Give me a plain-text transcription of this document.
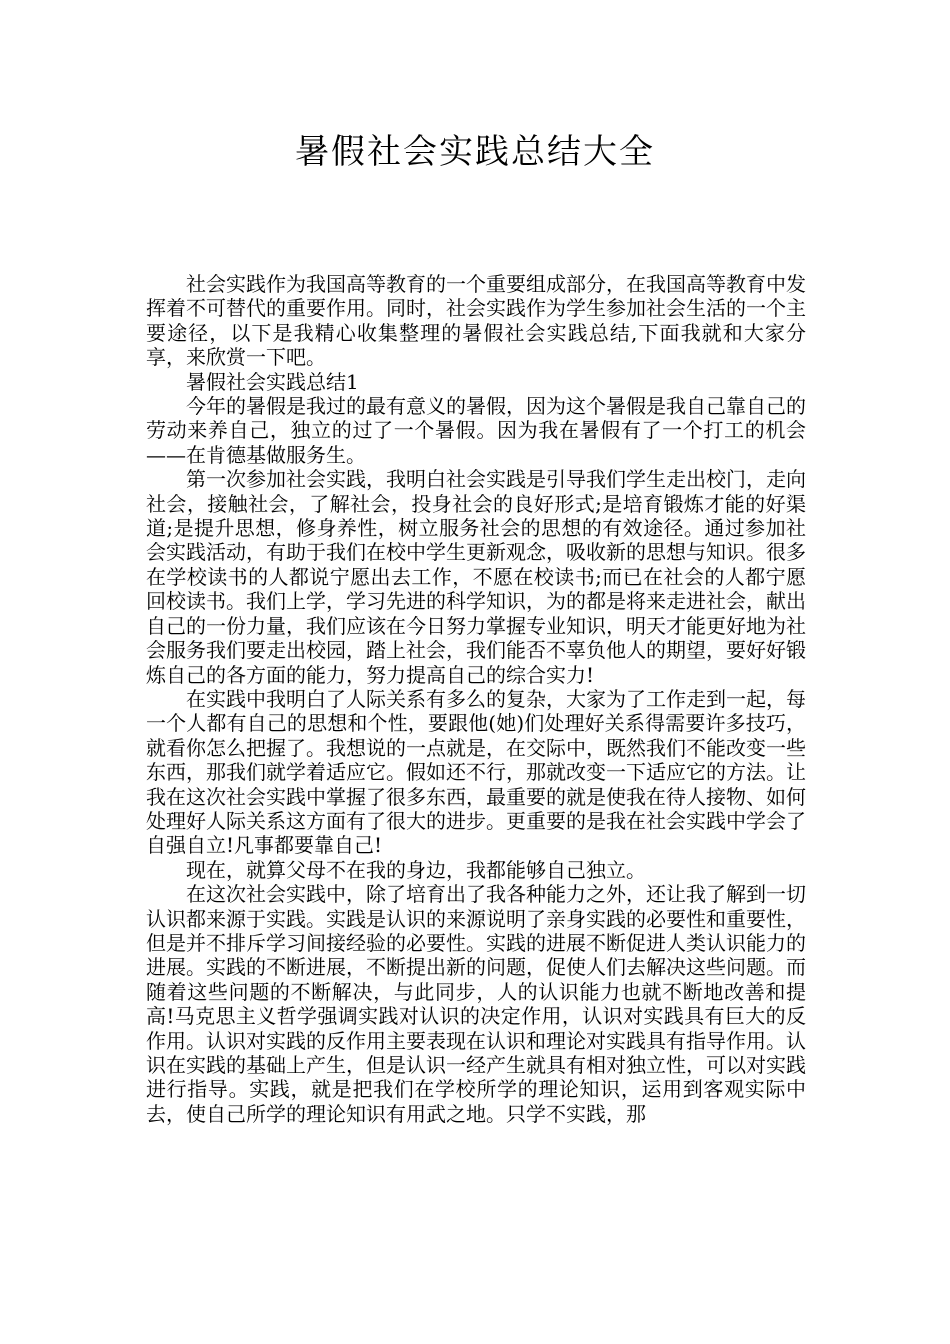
暑假社会实践总结大全

社会实践作为我国高等教育的一个重要组成部分，在我国高等教育中发挥着不可替代的重要作用。同时，社会实践作为学生参加社会生活的一个主要途径，以下是我精心收集整理的暑假社会实践总结,下面我就和大家分享，来欣赏一下吧。

暑假社会实践总结1

今年的暑假是我过的最有意义的暑假，因为这个暑假是我自己靠自己的劳动来养自己，独立的过了一个暑假。因为我在暑假有了一个打工的机会——在肯德基做服务生。

第一次参加社会实践，我明白社会实践是引导我们学生走出校门，走向社会，接触社会，了解社会，投身社会的良好形式;是培育锻炼才能的好渠道;是提升思想，修身养性，树立服务社会的思想的有效途径。通过参加社会实践活动，有助于我们在校中学生更新观念，吸收新的思想与知识。很多在学校读书的人都说宁愿出去工作，不愿在校读书;而已在社会的人都宁愿回校读书。我们上学，学习先进的科学知识，为的都是将来走进社会，献出自己的一份力量，我们应该在今日努力掌握专业知识，明天才能更好地为社会服务我们要走出校园，踏上社会，我们能否不辜负他人的期望，要好好锻炼自己的各方面的能力，努力提高自己的综合实力!

在实践中我明白了人际关系有多么的复杂，大家为了工作走到一起，每一个人都有自己的思想和个性，要跟他(她)们处理好关系得需要许多技巧，就看你怎么把握了。我想说的一点就是，在交际中，既然我们不能改变一些东西，那我们就学着适应它。假如还不行，那就改变一下适应它的方法。让我在这次社会实践中掌握了很多东西，最重要的就是使我在待人接物、如何处理好人际关系这方面有了很大的进步。更重要的是我在社会实践中学会了自强自立!凡事都要靠自己!

现在，就算父母不在我的身边，我都能够自己独立。

在这次社会实践中，除了培育出了我各种能力之外，还让我了解到一切认识都来源于实践。实践是认识的来源说明了亲身实践的必要性和重要性，但是并不排斥学习间接经验的必要性。实践的进展不断促进人类认识能力的进展。实践的不断进展，不断提出新的问题，促使人们去解决这些问题。而随着这些问题的不断解决，与此同步，人的认识能力也就不断地改善和提高!马克思主义哲学强调实践对认识的决定作用，认识对实践具有巨大的反作用。认识对实践的反作用主要表现在认识和理论对实践具有指导作用。认识在实践的基础上产生，但是认识一经产生就具有相对独立性，可以对实践进行指导。实践，就是把我们在学校所学的理论知识，运用到客观实际中去，使自己所学的理论知识有用武之地。只学不实践，那
